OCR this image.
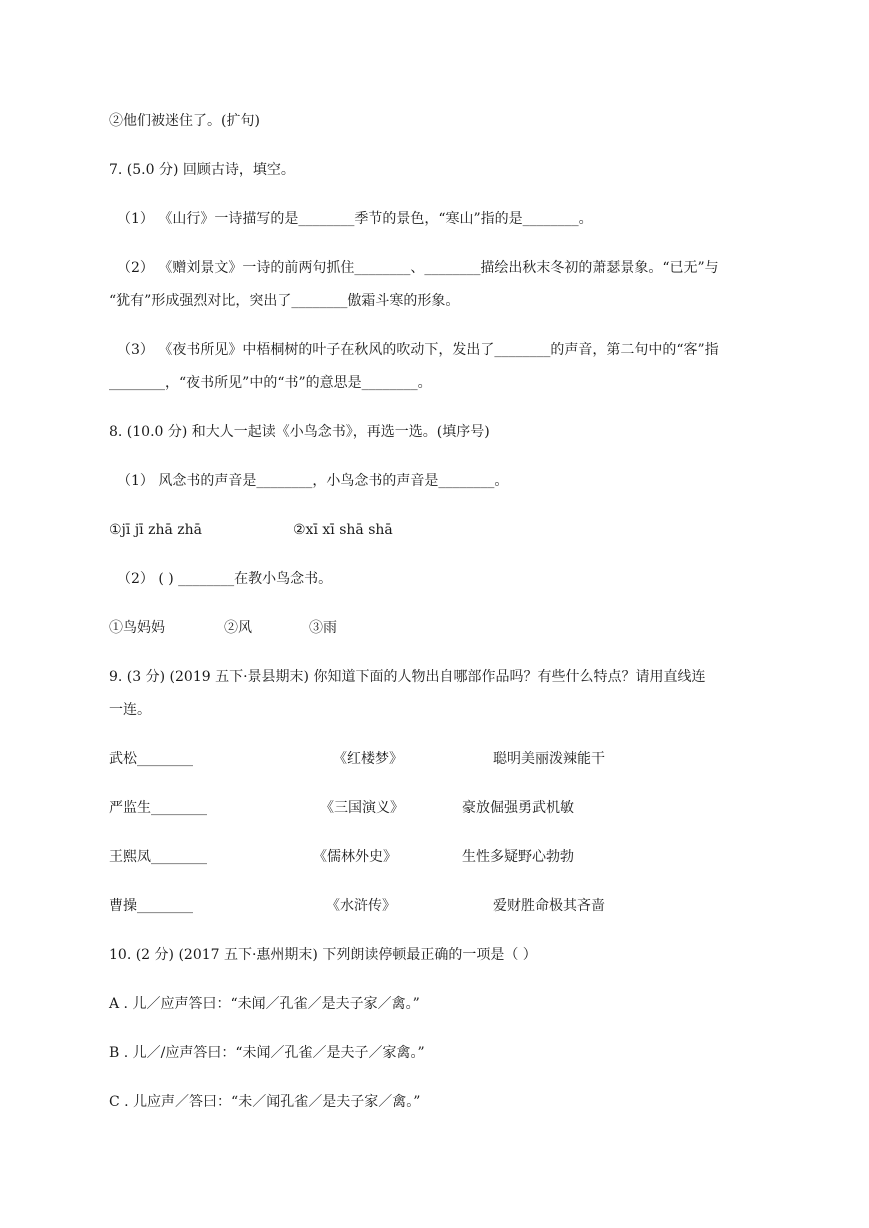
②他们被迷住了。(扩句)
7. (5.0 分) 回顾古诗，填空。
（1） 《山行》一诗描写的是________季节的景色，“寒山”指的是________。
（2） 《赠刘景文》一诗的前两句抓住________、________描绘出秋末冬初的萧瑟景象。“已无”与
“犹有”形成强烈对比，突出了________傲霜斗寒的形象。
（3） 《夜书所见》中梧桐树的叶子在秋风的吹动下，发出了________的声音，第二句中的“客”指
________，“夜书所见”中的“书”的意思是________。
8. (10.0 分) 和大人一起读《小鸟念书》，再选一选。(填序号)
（1） 风念书的声音是________，小鸟念书的声音是________。
①jī jī zhā zhā	②xī xī shā shā
（2） ( ) ________在教小鸟念书。
①鸟妈妈	②风	③雨
9. (3 分) (2019 五下·景县期末) 你知道下面的人物出自哪部作品吗？有些什么特点？请用直线连
一连。
武松________	《红楼梦》	聪明美丽泼辣能干
严监生________	《三国演义》	豪放倔强勇武机敏
王熙凤________	《儒林外史》	生性多疑野心勃勃
曹操________	《水浒传》	爱财胜命极其吝啬
10. (2 分) (2017 五下·惠州期末) 下列朗读停顿最正确的一项是（ ）
A . 儿／应声答曰：“未闻／孔雀／是夫子家／禽。”
B . 儿／/应声答曰：“未闻／孔雀／是夫子／家禽。”
C . 儿应声／答曰：“未／闻孔雀／是夫子家／禽。”
